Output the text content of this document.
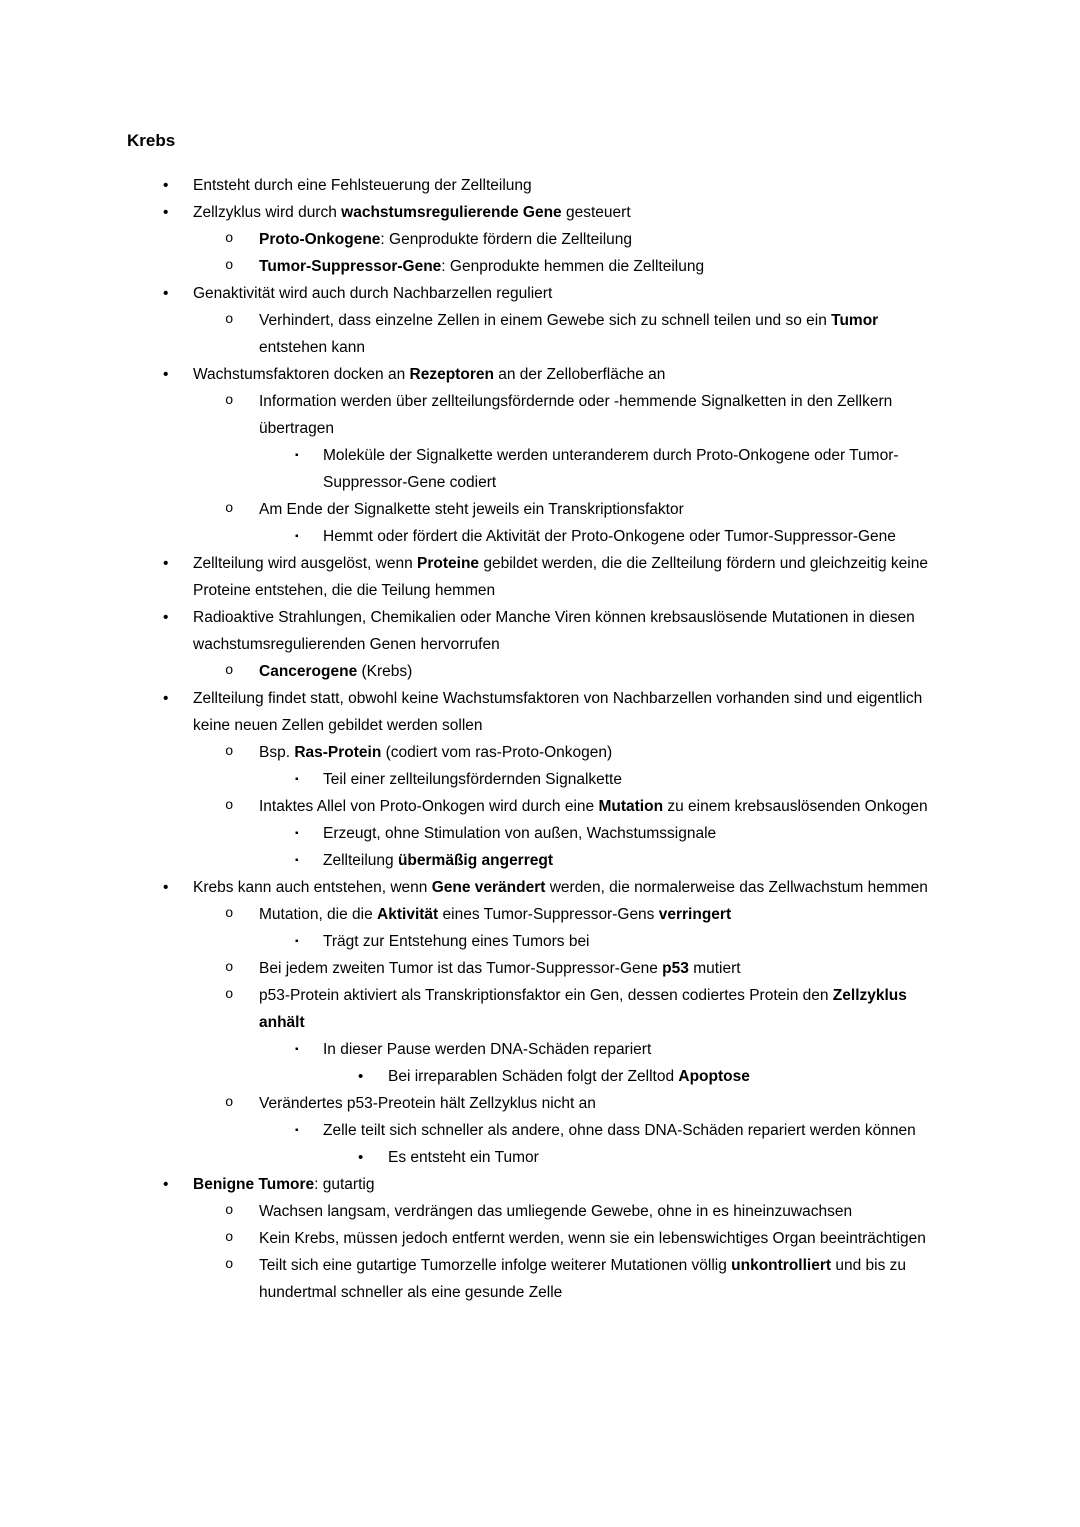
Krebs
•	Entsteht durch eine Fehlsteuerung der Zellteilung
•	Zellzyklus wird durch wachstumsregulierende Gene gesteuert
o	Proto-Onkogene: Genprodukte fördern die Zellteilung
o	Tumor-Suppressor-Gene: Genprodukte hemmen die Zellteilung
•	Genaktivität wird auch durch Nachbarzellen reguliert
o	Verhindert, dass einzelne Zellen in einem Gewebe sich zu schnell teilen und so ein Tumor entstehen kann
•	Wachstumsfaktoren docken an Rezeptoren an der Zelloberfläche an
o	Information werden über zellteilungsfördernde oder -hemmende Signalketten in den Zellkern übertragen
▪	Moleküle der Signalkette werden unteranderem durch Proto-Onkogene oder Tumor-Suppressor-Gene codiert
o	Am Ende der Signalkette steht jeweils ein Transkriptionsfaktor
▪	Hemmt oder fördert die Aktivität der Proto-Onkogene oder Tumor-Suppressor-Gene
•	Zellteilung wird ausgelöst, wenn Proteine gebildet werden, die die Zellteilung fördern und gleichzeitig keine Proteine entstehen, die die Teilung hemmen
•	Radioaktive Strahlungen, Chemikalien oder Manche Viren können krebsauslösende Mutationen in diesen wachstumsregulierenden Genen hervorrufen
o	Cancerogene (Krebs)
•	Zellteilung findet statt, obwohl keine Wachstumsfaktoren von Nachbarzellen vorhanden sind und eigentlich keine neuen Zellen gebildet werden sollen
o	Bsp. Ras-Protein (codiert vom ras-Proto-Onkogen)
▪	Teil einer zellteilungsfördernden Signalkette
o	Intaktes Allel von Proto-Onkogen wird durch eine Mutation zu einem krebsauslösenden Onkogen
▪	Erzeugt, ohne Stimulation von außen, Wachstumssignale
▪	Zellteilung übermäßig angerregt
•	Krebs kann auch entstehen, wenn Gene verändert werden, die normalerweise das Zellwachstum hemmen
o	Mutation, die die Aktivität eines Tumor-Suppressor-Gens verringert
▪	Trägt zur Entstehung eines Tumors bei
o	Bei jedem zweiten Tumor ist das Tumor-Suppressor-Gene p53 mutiert
o	p53-Protein aktiviert als Transkriptionsfaktor ein Gen, dessen codiertes Protein den Zellzyklus anhält
▪	In dieser Pause werden DNA-Schäden repariert
•	Bei irreparablen Schäden folgt der Zelltod Apoptose
o	Verändertes p53-Preotein hält Zellzyklus nicht an
▪	Zelle teilt sich schneller als andere, ohne dass DNA-Schäden repariert werden können
•	Es entsteht ein Tumor
•	Benigne Tumore: gutartig
o	Wachsen langsam, verdrängen das umliegende Gewebe, ohne in es hineinzuwachsen
o	Kein Krebs, müssen jedoch entfernt werden, wenn sie ein lebenswichtiges Organ beeinträchtigen
o	Teilt sich eine gutartige Tumorzelle infolge weiterer Mutationen völlig unkontrolliert und bis zu hundertmal schneller als eine gesunde Zelle
